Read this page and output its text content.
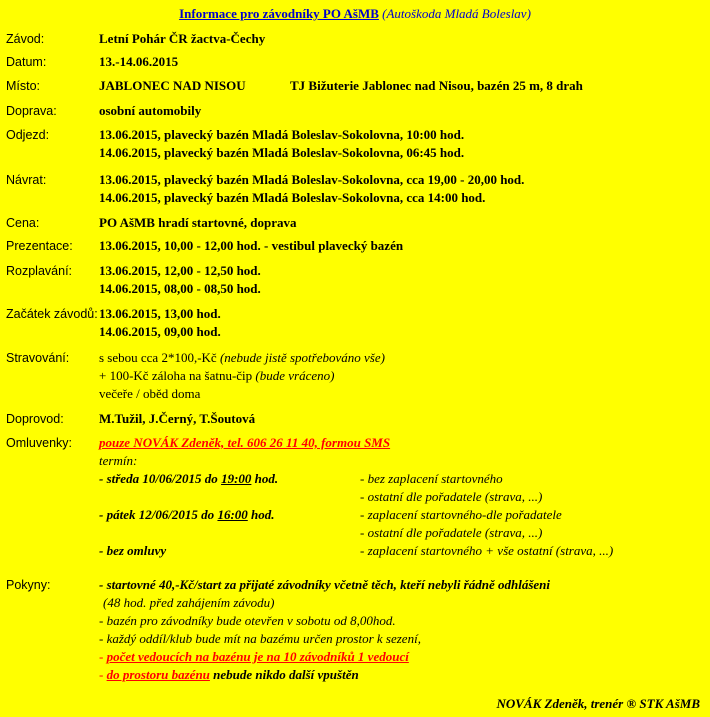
Informace pro závodníky PO AšMB (Autoškoda Mladá Boleslav)
Závod:	Letní Pohár ČR žactva-Čechy
Datum:	13.-14.06.2015
Místo:	JABLONEC NAD NISOU	TJ Bižuterie Jablonec nad Nisou, bazén 25 m, 8 drah
Doprava:	osobní automobily
Odjezd:	13.06.2015, plavecký bazén Mladá Boleslav-Sokolovna, 10:00 hod.
14.06.2015, plavecký bazén Mladá Boleslav-Sokolovna, 06:45 hod.
Návrat:	13.06.2015, plavecký bazén Mladá Boleslav-Sokolovna, cca 19,00 - 20,00 hod.
14.06.2015, plavecký bazén Mladá Boleslav-Sokolovna, cca 14:00 hod.
Cena:	PO AšMB hradí startovné, doprava
Prezentace: 13.06.2015, 10,00 - 12,00 hod. - vestibul plavecký bazén
Rozplavání: 13.06.2015, 12,00 - 12,50 hod.
14.06.2015, 08,00 - 08,50 hod.
Začátek závodů: 13.06.2015, 13,00 hod.
14.06.2015, 09,00 hod.
Stravování: s sebou cca 2*100,-Kč (nebude jistě spotřebováno vše)
+ 100-Kč záloha na šatnu-čip (bude vráceno)
večeře / oběd doma
Doprovod:	M.Tužil, J.Černý, T.Šoutová
Omluvenky: pouze NOVÁK Zdeněk, tel. 606 26 11 40, formou SMS
termín:
- středa 10/06/2015 do 19:00 hod.	- bez zaplacení startovného
- ostatní dle pořadatele (strava, ...)
- pátek 12/06/2015 do 16:00 hod.	- zaplacení startovného-dle pořadatele
- ostatní dle pořadatele (strava, ...)
- bez omluvy	- zaplacení startovného + vše ostatní (strava, ...)
Pokyny:	- startovné 40,-Kč/start za přijaté závodníky včetně těch, kteří nebyli řádně odhlášeni
(48 hod. před zahájením závodu)
- bazén pro závodníky bude otevřen v sobotu od 8,00hod.
- každý oddíl/klub bude mít na bazému určen prostor k sezení,
- počet vedoucích na bazénu je na 10 závodníků 1 vedoucí
- do prostoru bazénu nebude nikdo další vpuštěn
NOVÁK Zdeněk, trenér ® STK AšMB
